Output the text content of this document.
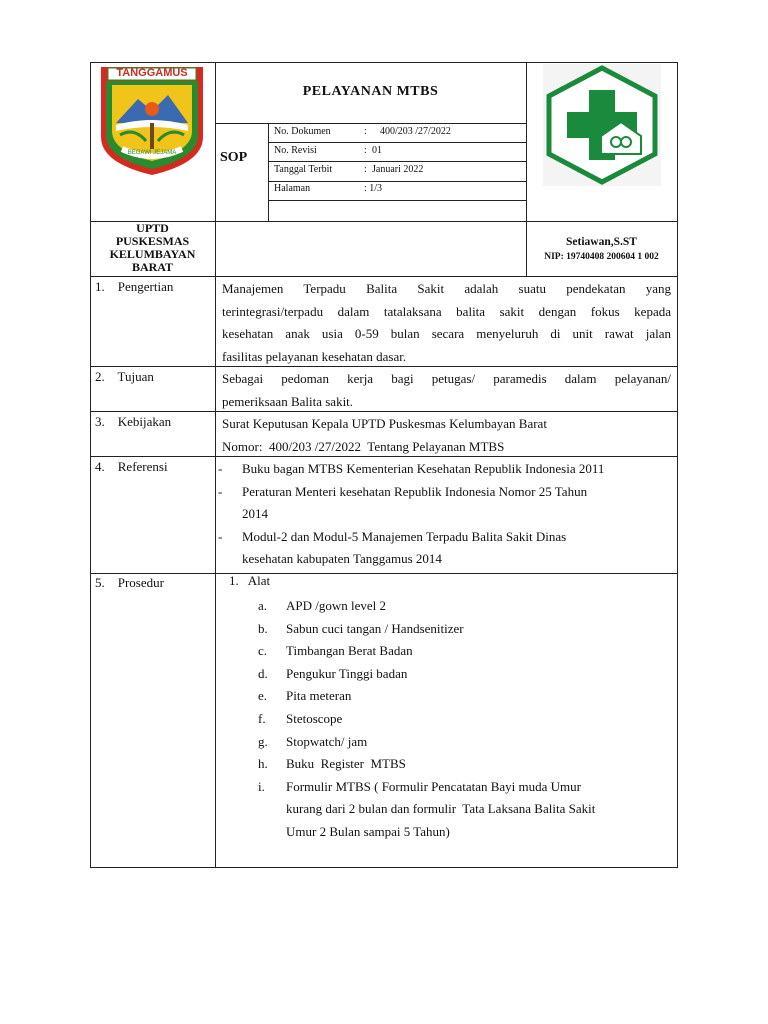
TANGGAMUS
BEGAWI JEJAMA
PELAYANAN MTBS
SOP
No. Dokumen	: 400/203 /27/2022
No. Revisi	: 01
Tanggal Terbit	: Januari 2022
Halaman	: 1/3
UPTD
PUSKESMAS
KELUMBAYAN
BARAT
Setiawan,S.ST
NIP: 19740408 200604 1 002
1.    Pengertian	Manajemen    Terpadu    Balita    Sakit    adalah    suatu    pendekatan    yang
terintegrasi/terpadu  dalam  tatalaksana  balita  sakit  dengan  fokus  kepada
kesehatan  anak  usia  0-59  bulan  secara  menyeluruh  di  unit  rawat  jalan
fasilitas pelayanan kesehatan dasar.
2.    Tujuan	Sebagai  pedoman  kerja  bagi  petugas/  paramedis  dalam  pelayanan/
pemeriksaan Balita sakit.
3.    Kebijakan	Surat Keputusan Kepala UPTD Puskesmas Kelumbayan Barat
Nomor:  400/203 /27/2022  Tentang Pelayanan MTBS
4.    Referensi	- Buku bagan MTBS Kementerian Kesehatan Republik Indonesia 2011
- Peraturan Menteri kesehatan Republik Indonesia Nomor 25 Tahun
2014
- Modul-2 dan Modul-5 Manajemen Terpadu Balita Sakit Dinas
kesehatan kabupaten Tanggamus 2014
5.    Prosedur	1.   Alat
a. APD /gown level 2
b. Sabun cuci tangan / Handsenitizer
c. Timbangan Berat Badan
d. Pengukur Tinggi badan
e. Pita meteran
f. Stetoscope
g. Stopwatch/ jam
h. Buku  Register  MTBS
i. Formulir MTBS ( Formulir Pencatatan Bayi muda Umur
kurang dari 2 bulan dan formulir  Tata Laksana Balita Sakit
Umur 2 Bulan sampai 5 Tahun)
